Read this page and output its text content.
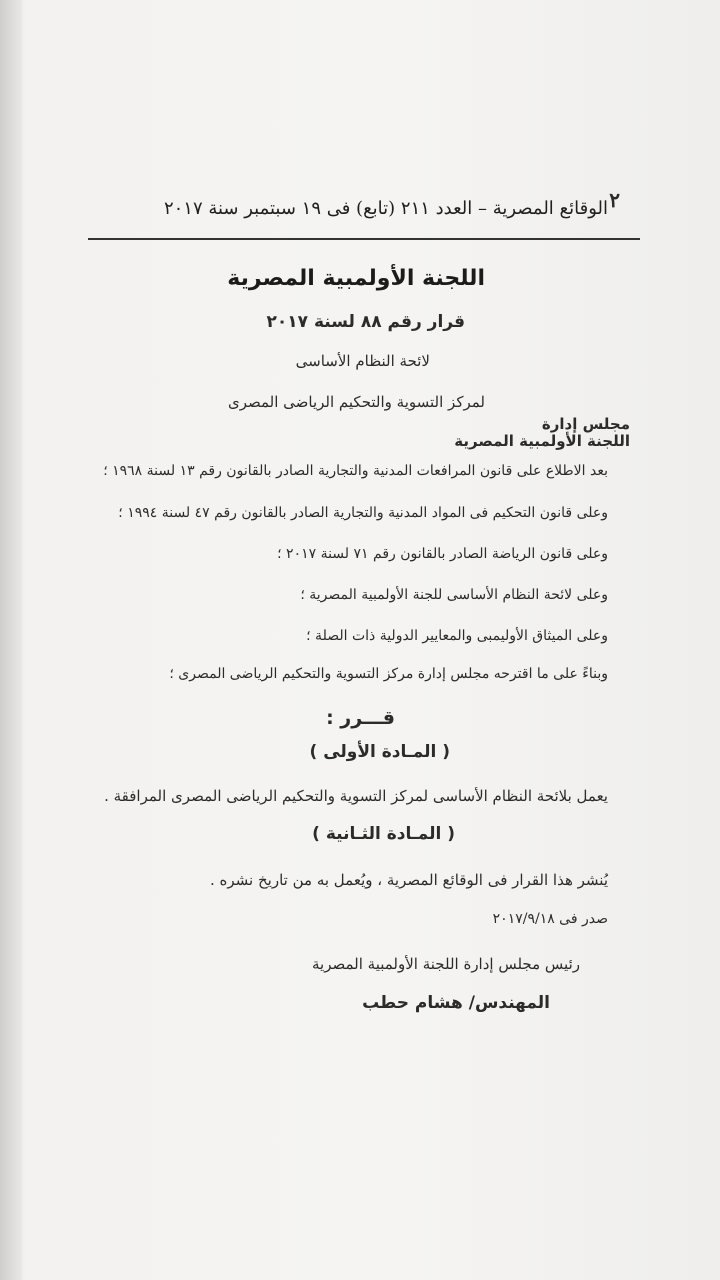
٢
الوقائع المصرية – العدد ٢١١ (تابع) فى ١٩ سبتمبر سنة ٢٠١٧
اللجنة الأولمبية المصرية
قرار رقم ٨٨ لسنة ٢٠١٧
لائحة النظام الأساسى
لمركز التسوية والتحكيم الرياضى المصرى
مجلس إدارة
اللجنة الأولمبية المصرية
بعد الاطلاع على قانون المرافعات المدنية والتجارية الصادر بالقانون رقم ١٣ لسنة ١٩٦٨ ؛
وعلى قانون التحكيم فى المواد المدنية والتجارية الصادر بالقانون رقم ٤٧ لسنة ١٩٩٤ ؛
وعلى قانون الرياضة الصادر بالقانون رقم ٧١ لسنة ٢٠١٧ ؛
وعلى لائحة النظام الأساسى للجنة الأولمبية المصرية ؛
وعلى الميثاق الأوليمبى والمعايير الدولية ذات الصلة ؛
وبناءً على ما اقترحه مجلس إدارة مركز التسوية والتحكيم الرياضى المصرى ؛
قـــرر :
( المـادة الأولى )
يعمل بلائحة النظام الأساسى لمركز التسوية والتحكيم الرياضى المصرى المرافقة .
( المـادة الثـانية )
يُنشر هذا القرار فى الوقائع المصرية ، ويُعمل به من تاريخ نشره .
صدر فى ٢٠١٧/٩/١٨
رئيس مجلس إدارة اللجنة الأولمبية المصرية
المهندس/ هشام حطب
